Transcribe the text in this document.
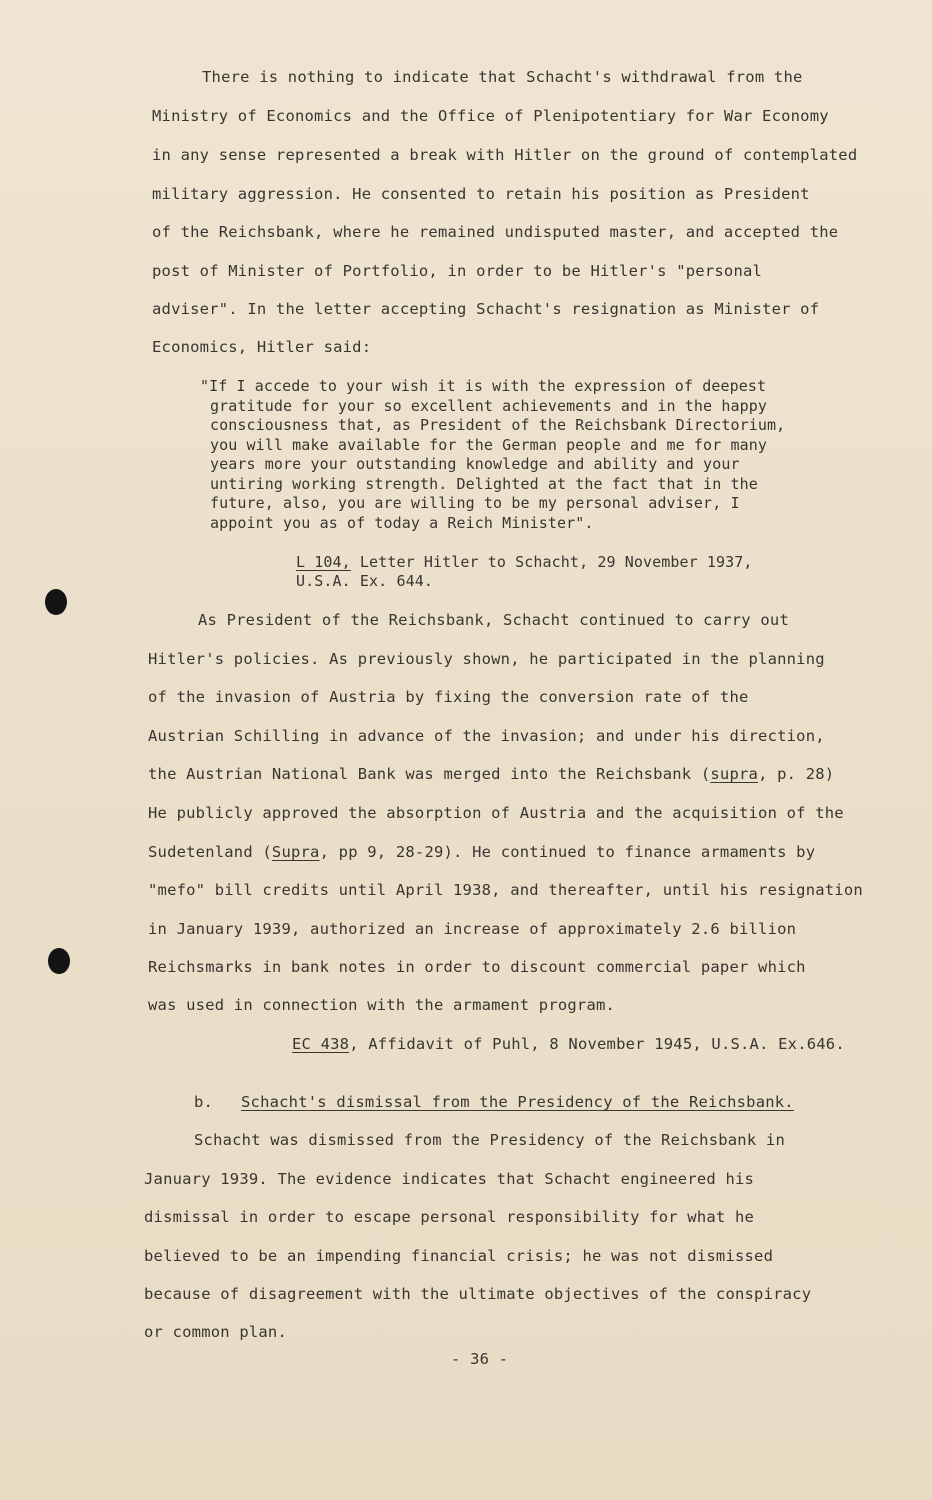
There is nothing to indicate that Schacht's withdrawal from the
Ministry of Economics and the Office of Plenipotentiary for War Economy
in any sense represented a break with Hitler on the ground of contemplated
military aggression. He consented to retain his position as President
of the Reichsbank, where he remained undisputed master, and accepted the
post of Minister of Portfolio, in order to be Hitler's "personal
adviser". In the letter accepting Schacht's resignation as Minister of
Economics, Hitler said:
"If I accede to your wish it is with the expression of deepest
gratitude for your so excellent achievements and in the happy
consciousness that, as President of the Reichsbank Directorium,
you will make available for the German people and me for many
years more your outstanding knowledge and ability and your
untiring working strength. Delighted at the fact that in the
future, also, you are willing to be my personal adviser, I
appoint you as of today a Reich Minister".
L 104, Letter Hitler to Schacht, 29 November 1937,
U.S.A. Ex. 644.
As President of the Reichsbank, Schacht continued to carry out
Hitler's policies. As previously shown, he participated in the planning
of the invasion of Austria by fixing the conversion rate of the
Austrian Schilling in advance of the invasion; and under his direction,
the Austrian National Bank was merged into the Reichsbank (supra, p. 28)
He publicly approved the absorption of Austria and the acquisition of the
Sudetenland (Supra, pp 9, 28-29). He continued to finance armaments by
"mefo" bill credits until April 1938, and thereafter, until his resignation
in January 1939, authorized an increase of approximately 2.6 billion
Reichsmarks in bank notes in order to discount commercial paper which
was used in connection with the armament program.
EC 438, Affidavit of Puhl, 8 November 1945, U.S.A. Ex.646.
b. Schacht's dismissal from the Presidency of the Reichsbank.
Schacht was dismissed from the Presidency of the Reichsbank in
January 1939. The evidence indicates that Schacht engineered his
dismissal in order to escape personal responsibility for what he
believed to be an impending financial crisis; he was not dismissed
because of disagreement with the ultimate objectives of the conspiracy
or common plan.
- 36 -
